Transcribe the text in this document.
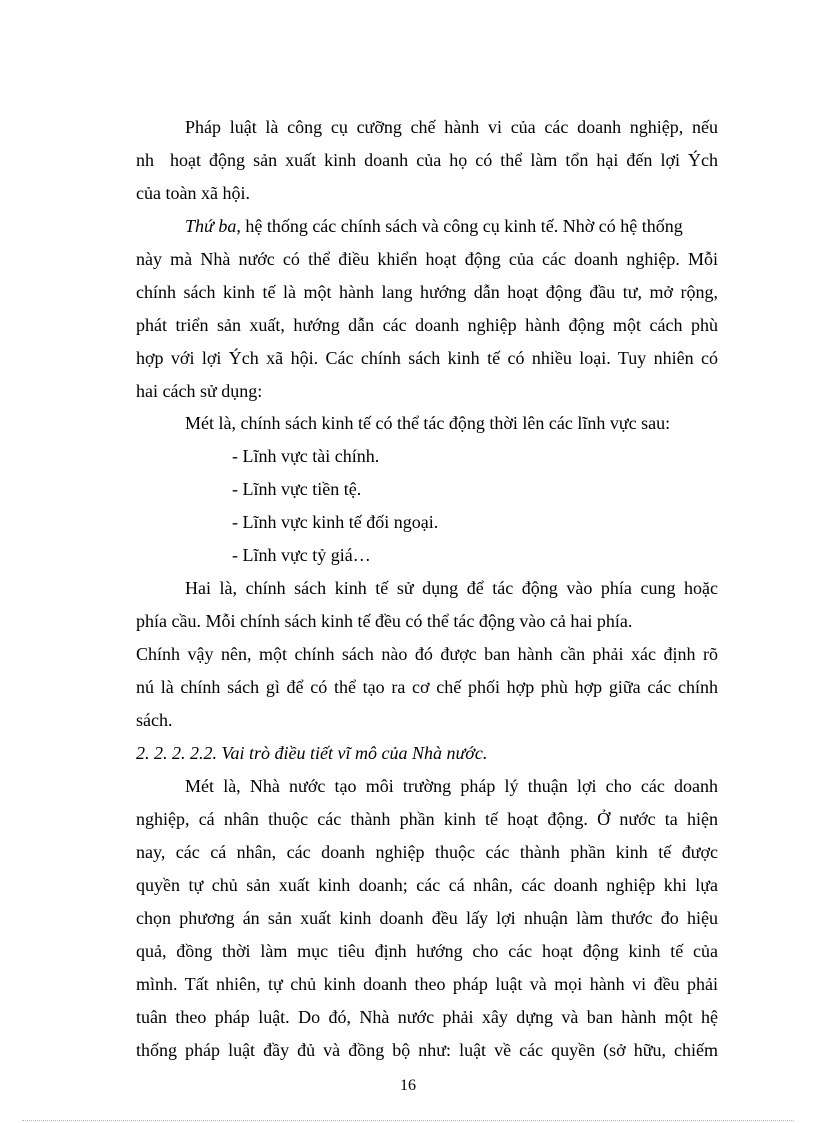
Pháp luật là công cụ cưỡng chế hành vi của các doanh nghiệp, nếu
nh hoạt động sản xuất kinh doanh của họ có thể làm tổn hại đến lợi Ých
của toàn xã hội.
Thứ ba, hệ thống các chính sách và công cụ kinh tế. Nhờ có hệ thống
này mà Nhà nước có thể điều khiển hoạt động của các doanh nghiệp. Mỗi
chính sách kinh tế là một hành lang hướng dẫn hoạt động đầu tư, mở rộng,
phát triển sản xuất, hướng dẫn các doanh nghiệp hành động một cách phù
hợp với lợi Ých xã hội. Các chính sách kinh tế có nhiều loại. Tuy nhiên có
hai cách sử dụng:
Mét là, chính sách kinh tế có thể tác động thời lên các lĩnh vực sau:
- Lĩnh vực tài chính.
- Lĩnh vực tiền tệ.
- Lĩnh vực kinh tế đối ngoại.
- Lĩnh vực tỷ giá…
Hai là, chính sách kinh tế sử dụng để tác động vào phía cung hoặc
phía cầu. Mỗi chính sách kinh tế đều có thể tác động vào cả hai phía.
Chính vậy nên, một chính sách nào đó được ban hành cần phải xác định rõ
nú là chính sách gì để có thể tạo ra cơ chế phối hợp phù hợp giữa các chính
sách.
2. 2. 2. 2.2. Vai trò điều tiết vĩ mô của Nhà nước.
Mét là, Nhà nước tạo môi trường pháp lý thuận lợi cho các doanh
nghiệp, cá nhân thuộc các thành phần kinh tế hoạt động. Ở nước ta hiện
nay, các cá nhân, các doanh nghiệp thuộc các thành phần kinh tế được
quyền tự chủ sản xuất kinh doanh; các cá nhân, các doanh nghiệp khi lựa
chọn phương án sản xuất kinh doanh đều lấy lợi nhuận làm thước đo hiệu
quả, đồng thời làm mục tiêu định hướng cho các hoạt động kinh tế của
mình. Tất nhiên, tự chủ kinh doanh theo pháp luật và mọi hành vi đều phải
tuân theo pháp luật. Do đó, Nhà nước phải xây dựng và ban hành một hệ
thống pháp luật đầy đủ và đồng bộ như: luật về các quyền (sở hữu, chiếm
16
